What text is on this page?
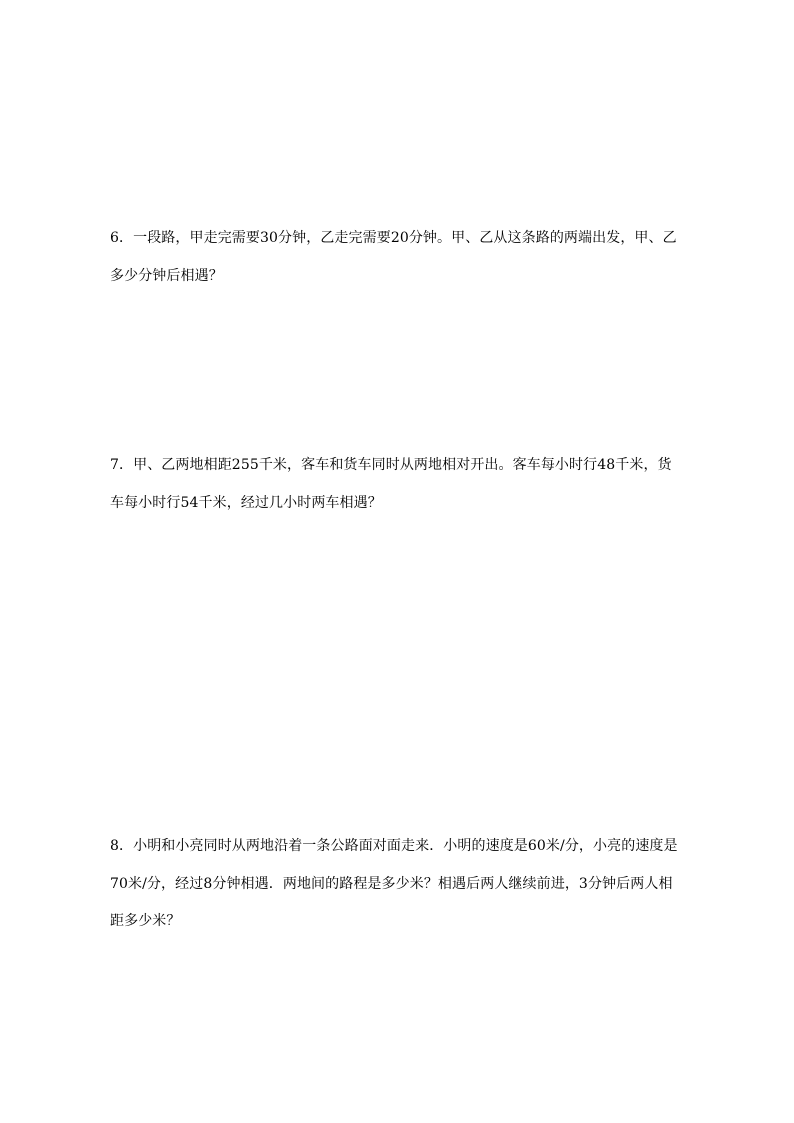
6．一段路，甲走完需要30分钟，乙走完需要20分钟。甲、乙从这条路的两端出发，甲、乙
多少分钟后相遇？
7．甲、乙两地相距255千米，客车和货车同时从两地相对开出。客车每小时行48千米，货
车每小时行54千米，经过几小时两车相遇？
8．小明和小亮同时从两地沿着一条公路面对面走来．小明的速度是60米/分，小亮的速度是
70米/分，经过8分钟相遇．两地间的路程是多少米？相遇后两人继续前进，3分钟后两人相
距多少米？
